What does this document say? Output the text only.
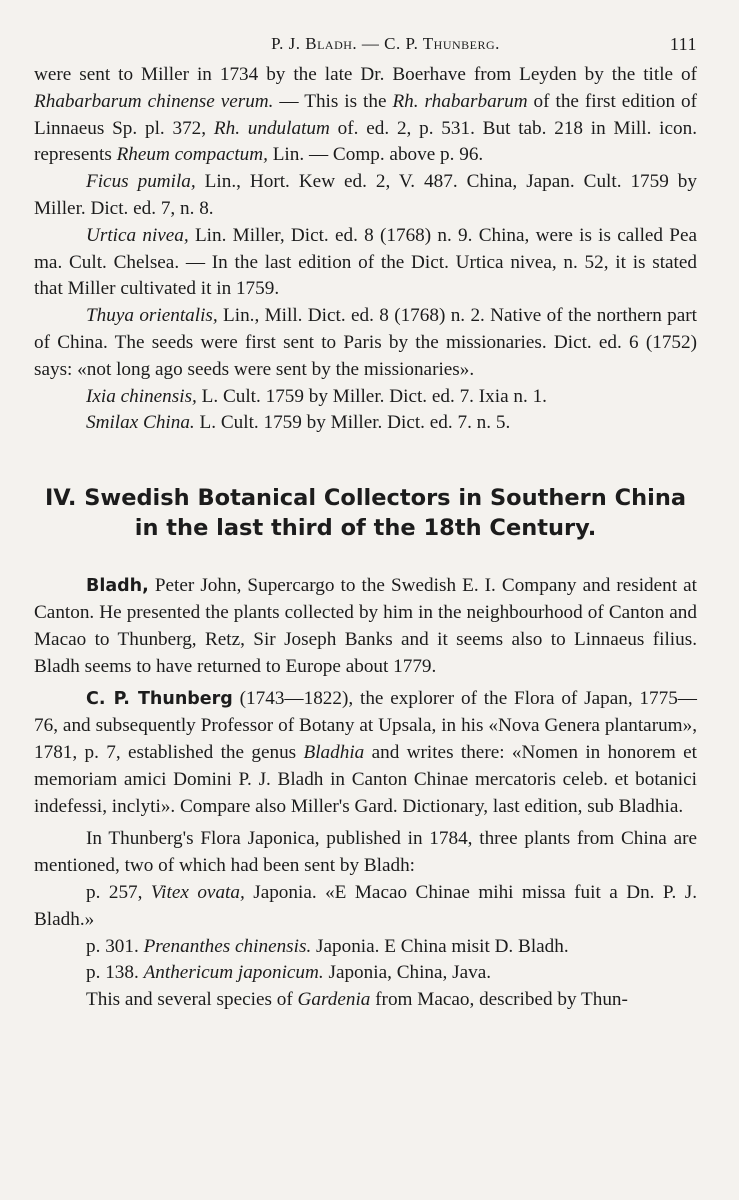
P. J. Bladh. — C. P. Thunberg.	111

were sent to Miller in 1734 by the late Dr. Boerhave from Leyden by the title of Rhabarbarum chinense verum. — This is the Rh. rhabarbarum of the first edition of Linnaeus Sp. pl. 372, Rh. undulatum of. ed. 2, p. 531. But tab. 218 in Mill. icon. represents Rheum compactum, Lin. — Comp. above p. 96.

Ficus pumila, Lin., Hort. Kew ed. 2, V. 487. China, Japan. Cult. 1759 by Miller. Dict. ed. 7, n. 8.

Urtica nivea, Lin. Miller, Dict. ed. 8 (1768) n. 9. China, were is is called Pea ma. Cult. Chelsea. — In the last edition of the Dict. Urtica nivea, n. 52, it is stated that Miller cultivated it in 1759.

Thuya orientalis, Lin., Mill. Dict. ed. 8 (1768) n. 2. Native of the northern part of China. The seeds were first sent to Paris by the missionaries. Dict. ed. 6 (1752) says: «not long ago seeds were sent by the missionaries».

Ixia chinensis, L. Cult. 1759 by Miller. Dict. ed. 7. Ixia n. 1.

Smilax China. L. Cult. 1759 by Miller. Dict. ed. 7. n. 5.

IV. Swedish Botanical Collectors in Southern China
in the last third of the 18th Century.

Bladh, Peter John, Supercargo to the Swedish E. I. Company and resident at Canton. He presented the plants collected by him in the neighbourhood of Canton and Macao to Thunberg, Retz, Sir Joseph Banks and it seems also to Linnaeus filius. Bladh seems to have returned to Europe about 1779.

C. P. Thunberg (1743—1822), the explorer of the Flora of Japan, 1775—76, and subsequently Professor of Botany at Upsala, in his «Nova Genera plantarum», 1781, p. 7, established the genus Bladhia and writes there: «Nomen in honorem et memoriam amici Domini P. J. Bladh in Canton Chinae mercatoris celeb. et botanici indefessi, inclyti». Compare also Miller's Gard. Dictionary, last edition, sub Bladhia.

In Thunberg's Flora Japonica, published in 1784, three plants from China are mentioned, two of which had been sent by Bladh:

p. 257, Vitex ovata, Japonia. «E Macao Chinae mihi missa fuit a Dn. P. J. Bladh.»

p. 301. Prenanthes chinensis. Japonia. E China misit D. Bladh.

p. 138. Anthericum japonicum. Japonia, China, Java.

This and several species of Gardenia from Macao, described by Thun-
